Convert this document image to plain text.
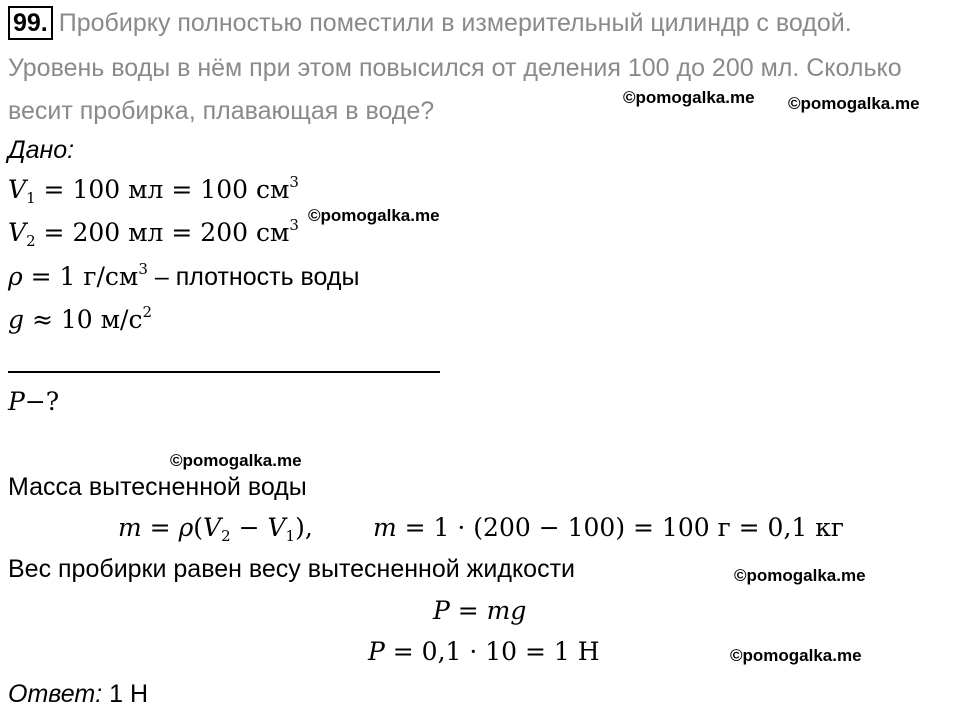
99. Пробирку полностью поместили в измерительный цилиндр с водой.
Уровень воды в нём при этом повысился от деления 100 до 200 мл. Сколько
весит пробирка, плавающая в воде?
Дано:
$V_1 = 100$ мл = 100 $см^3$
$V_2 = 200$ мл = 200 $см^3$
ρ = 1 $г/см^3$ – плотность воды
g ≈ 10 $м/с^2$
P−?
Масса вытесненной воды
$m = \rho(V_2 - V_1)$, m = 1 · (200 − 100) = 100 г = 0,1 кг
Вес пробирки равен весу вытесненной жидкости
P = mg
P = 0,1 · 10 = 1 Н
Ответ: 1 Н
©pomogalka.me ©pomogalka.me
©pomogalka.me
©pomogalka.me
©pomogalka.me
©pomogalka.me
